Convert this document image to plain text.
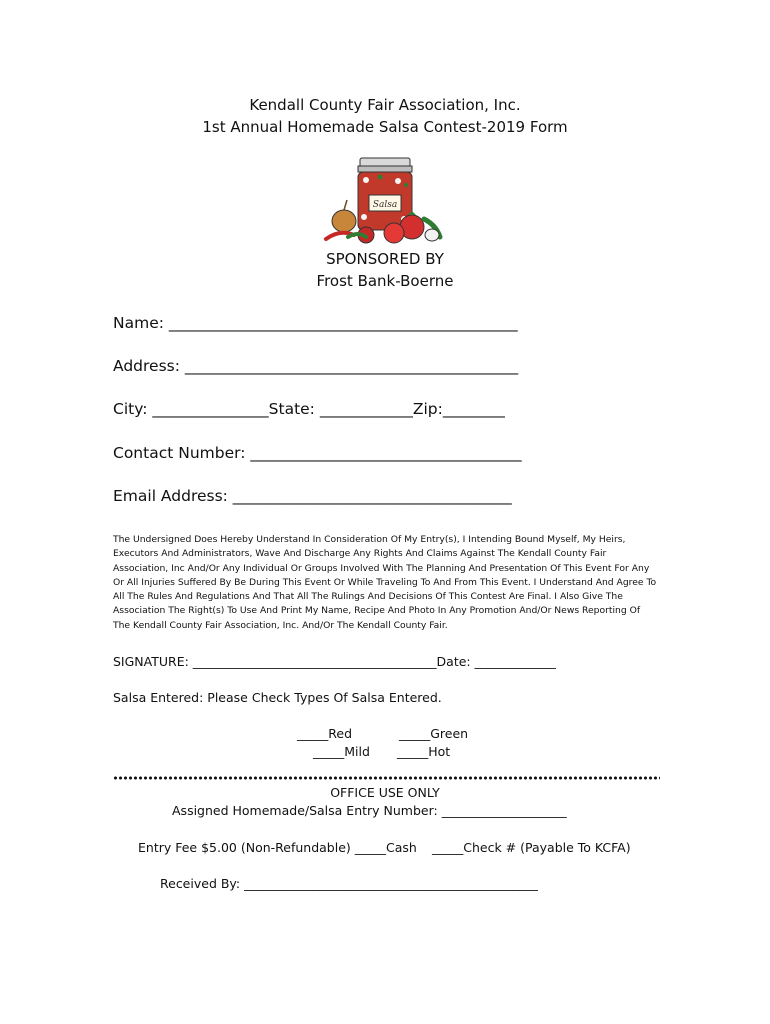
Kendall County Fair Association, Inc.
1st Annual Homemade Salsa Contest-2019 Form
Salsa
SPONSORED BY
Frost Bank-Boerne
Name: _____________________________________________
Address: ___________________________________________
City: _______________State: ____________Zip:________
Contact Number: ___________________________________
Email Address: ____________________________________
The Undersigned Does Hereby Understand In Consideration Of My Entry(s), I Intending Bound Myself, My Heirs, Executors And Administrators, Wave And Discharge Any Rights And Claims Against The Kendall County Fair Association, Inc And/Or Any Individual Or Groups Involved With The Planning And Presentation Of This Event For Any Or All Injuries Suffered By Be During This Event Or While Traveling To And From This Event. I Understand And Agree To All The Rules And Regulations And That All The Rulings And Decisions Of This Contest Are Final. I Also Give The Association The Right(s) To Use And Print My Name, Recipe And Photo In Any Promotion And/Or News Reporting Of The Kendall County Fair Association, Inc. And/Or The Kendall County Fair.
SIGNATURE: _______________________________________Date: _____________
Salsa Entered: Please Check Types Of Salsa Entered.
_____Red	_____Green
_____Mild _____Hot
OFFICE USE ONLY
Assigned Homemade/Salsa Entry Number: ____________________
Entry Fee $5.00 (Non-Refundable) _____Cash _____Check # (Payable To KCFA)
Received By: _______________________________________________
